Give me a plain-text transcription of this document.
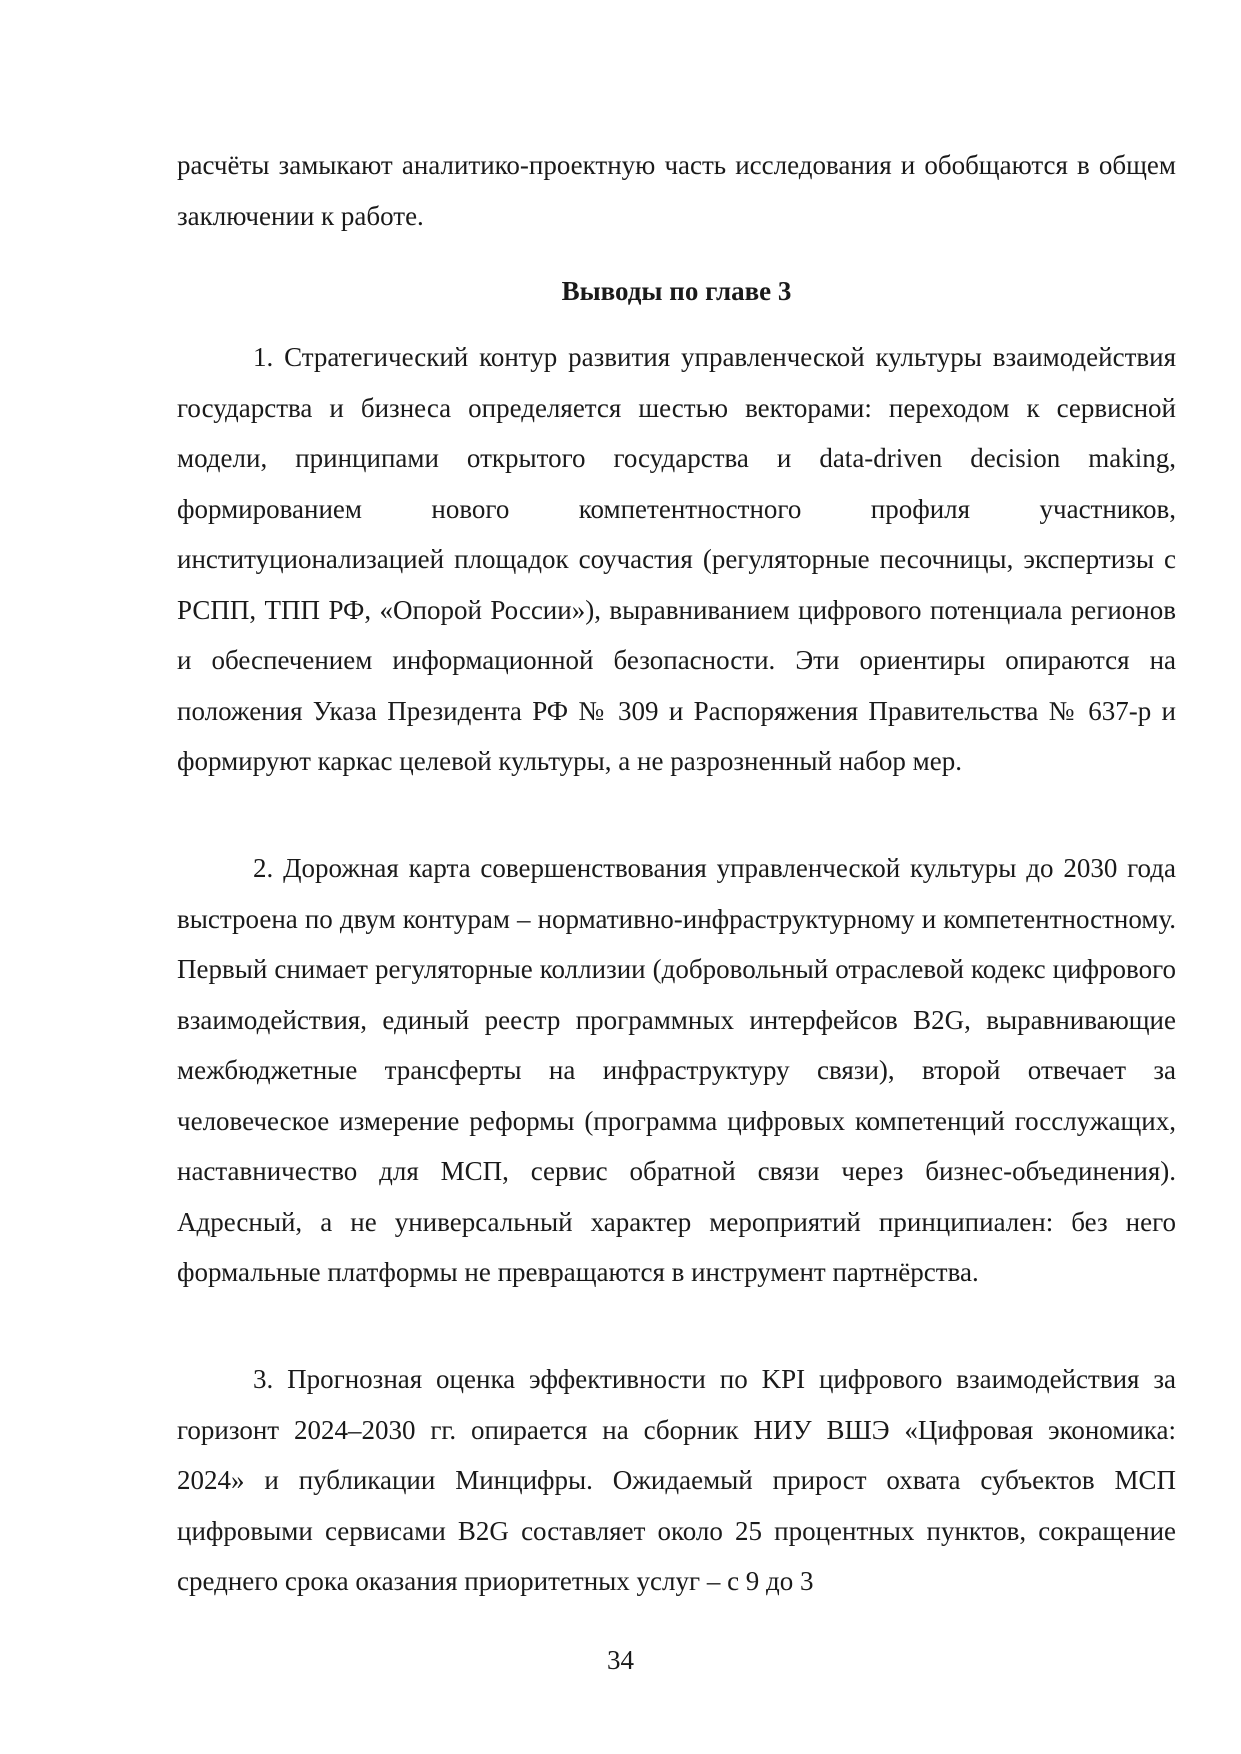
расчёты замыкают аналитико-проектную часть исследования и обобщаются в общем заключении к работе.

Выводы по главе 3

1. Стратегический контур развития управленческой культуры взаимодействия государства и бизнеса определяется шестью векторами: переходом к сервисной модели, принципами открытого государства и data-driven decision making, формированием нового компетентностного профиля участников, институционализацией площадок соучастия (регуляторные песочницы, экспертизы с РСПП, ТПП РФ, «Опорой России»), выравниванием цифрового потенциала регионов и обеспечением информационной безопасности. Эти ориентиры опираются на положения Указа Президента РФ № 309 и Распоряжения Правительства № 637-р и формируют каркас целевой культуры, а не разрозненный набор мер.

2. Дорожная карта совершенствования управленческой культуры до 2030 года выстроена по двум контурам – нормативно-инфраструктурному и компетентностному. Первый снимает регуляторные коллизии (добровольный отраслевой кодекс цифрового взаимодействия, единый реестр программных интерфейсов B2G, выравнивающие межбюджетные трансферты на инфраструктуру связи), второй отвечает за человеческое измерение реформы (программа цифровых компетенций госслужащих, наставничество для МСП, сервис обратной связи через бизнес-объединения). Адресный, а не универсальный характер мероприятий принципиален: без него формальные платформы не превращаются в инструмент партнёрства.

3. Прогнозная оценка эффективности по KPI цифрового взаимодействия за горизонт 2024–2030 гг. опирается на сборник НИУ ВШЭ «Цифровая экономика: 2024» и публикации Минцифры. Ожидаемый прирост охвата субъектов МСП цифровыми сервисами B2G составляет около 25 процентных пунктов, сокращение среднего срока оказания приоритетных услуг – с 9 до 3

34
